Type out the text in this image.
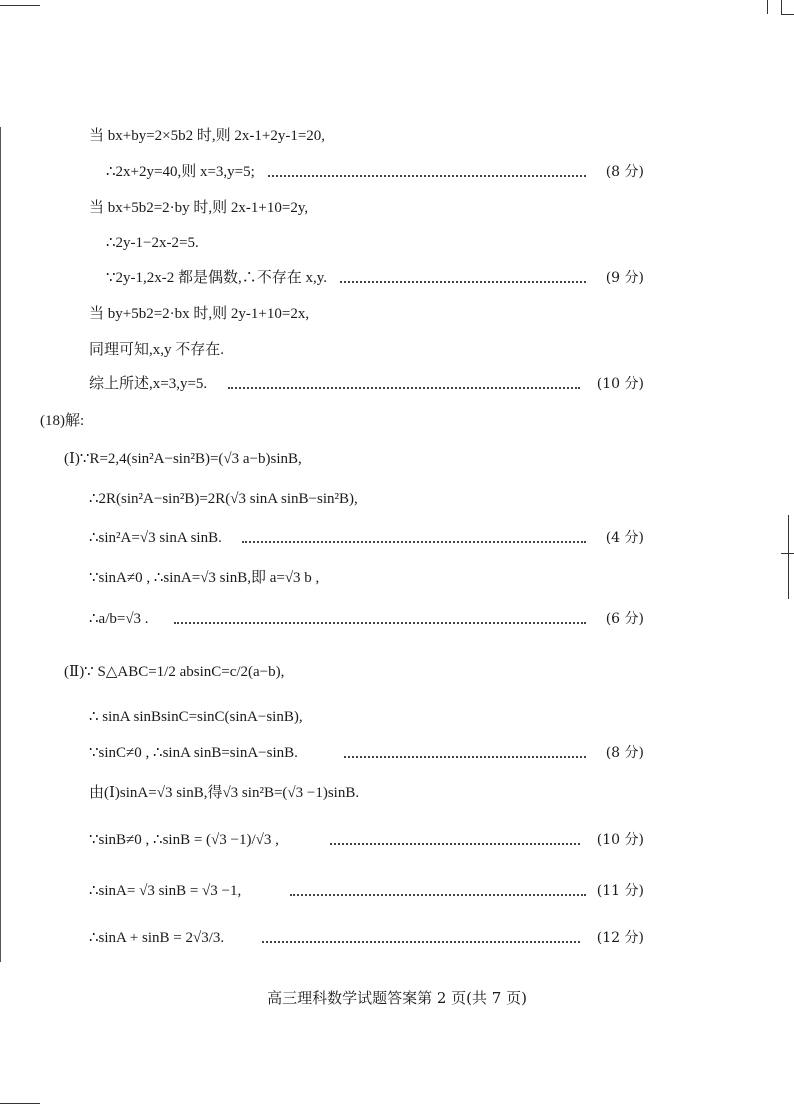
当 bx+by=2×5b2 时,则 2x-1+2y-1=20,
∴2x+2y=40,则 x=3,y=5;	(8 分)
当 bx+5b2=2·by 时,则 2x-1+10=2y,
∴2y-1−2x-2=5.
∵2y-1,2x-2 都是偶数,∴不存在 x,y.	(9 分)
当 by+5b2=2·bx 时,则 2y-1+10=2x,
同理可知,x,y 不存在.
综上所述,x=3,y=5.	(10 分)
(18)解:
(Ⅰ)∵R=2,4(sin²A−sin²B)=(√3 a−b)sinB,
∴2R(sin²A−sin²B)=2R(√3 sinA sinB−sin²B),
∴sin²A=√3 sinA sinB.	(4 分)
∵sinA≠0 , ∴sinA=√3 sinB,即 a=√3 b ,
∴a/b=√3 .	(6 分)
(Ⅱ)∵ S△ABC=1/2 absinC=c/2(a−b),
∴ sinA sinBsinC=sinC(sinA−sinB),
∵sinC≠0 , ∴sinA sinB=sinA−sinB.	(8 分)
由(Ⅰ)sinA=√3 sinB,得√3 sin²B=(√3 −1)sinB.
∵sinB≠0 , ∴sinB = (√3 −1)/√3 ,	(10 分)
∴sinA= √3 sinB = √3 −1,	(11 分)
∴sinA + sinB = 2√3/3.	(12 分)
高三理科数学试题答案第 2 页(共 7 页)
